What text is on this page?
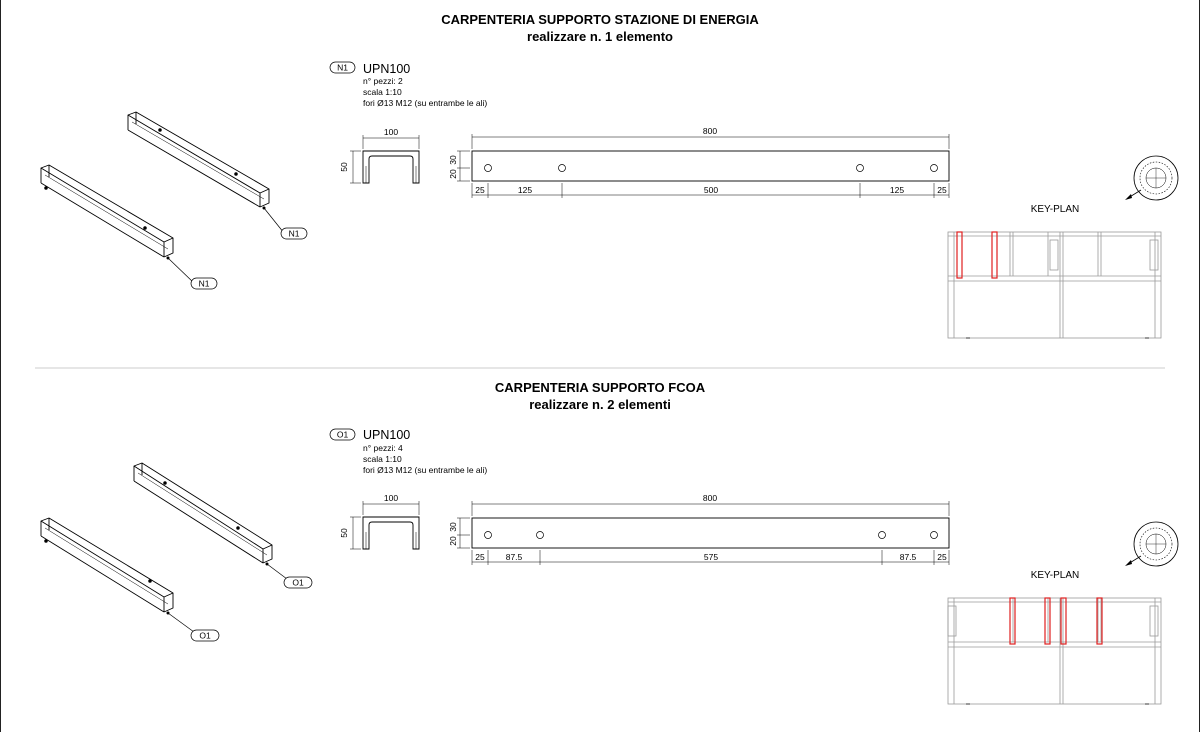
CARPENTERIA SUPPORTO STAZIONE DI ENERGIA
realizzare n. 1 elemento
N1
N1
N1 UPN100
n° pezzi: 2
scala 1:10
fori Ø13 M12 (su entrambe le ali)
100
50
800
30
20
25	125	500	125	25
KEY-PLAN
CARPENTERIA SUPPORTO FCOA
realizzare n. 2 elementi
O1
O1
O1 UPN100
n° pezzi: 4
scala 1:10
fori Ø13 M12 (su entrambe le ali)
100
50
800
30
20
25 87.5	575	87.5 25
KEY-PLAN
